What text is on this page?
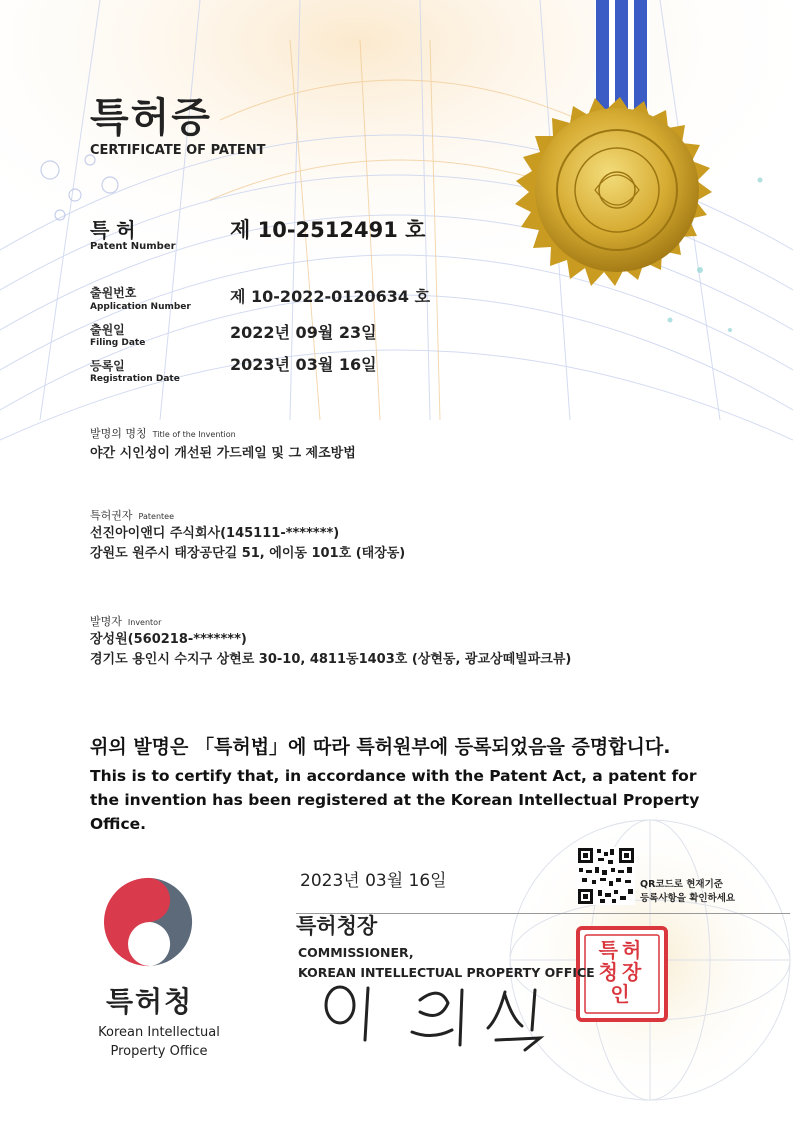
특허청장인
특허증
CERTIFICATE OF PATENT
특 허
Patent Number
제 10-2512491 호
출원번호
Application Number
제 10-2022-0120634 호
출원일
Filing Date
2022년 09월 23일
등록일
Registration Date
2023년 03월 16일
발명의 명칭 Title of the Invention
야간 시인성이 개선된 가드레일 및 그 제조방법
특허권자 Patentee
선진아이앤디 주식회사(145111-*******)
강원도 원주시 태장공단길 51, 에이동 101호 (태장동)
발명자 Inventor
장성원(560218-*******)
경기도 용인시 수지구 상현로 30-10, 4811동1403호 (상현동, 광교상떼빌파크뷰)
위의 발명은 「특허법」에 따라 특허원부에 등록되었음을 증명합니다.
This is to certify that, in accordance with the Patent Act, a patent for the invention has been registered at the Korean Intellectual Property Office.
2023년 03월 16일	QR코드로 현재기준
등록사항을 확인하세요
특허청장
COMMISSIONER,
KOREAN INTELLECTUAL PROPERTY OFFICE
특허청
Korean Intellectual
Property Office
